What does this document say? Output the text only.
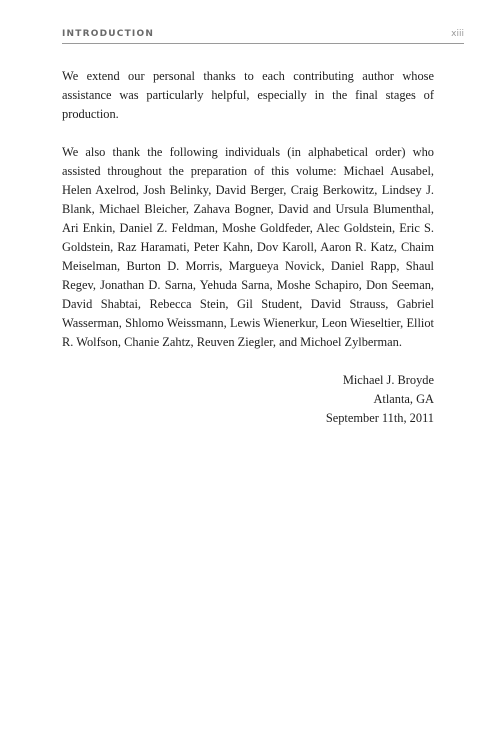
INTRODUCTION	xiii

We extend our personal thanks to each contributing author whose assistance was particularly helpful, especially in the final stages of production.

We also thank the following individuals (in alphabetical order) who assisted throughout the preparation of this volume: Michael Ausabel, Helen Axelrod, Josh Belinky, David Berger, Craig Berkowitz, Lindsey J. Blank, Michael Bleicher, Zahava Bogner, David and Ursula Blumenthal, Ari Enkin, Daniel Z. Feldman, Moshe Goldfeder, Alec Goldstein, Eric S. Goldstein, Raz Haramati, Peter Kahn, Dov Karoll, Aaron R. Katz, Chaim Meiselman, Burton D. Morris, Margueya Novick, Daniel Rapp, Shaul Regev, Jonathan D. Sarna, Yehuda Sarna, Moshe Schapiro, Don Seeman, David Shabtai, Rebecca Stein, Gil Student, David Strauss, Gabriel Wasserman, Shlomo Weissmann, Lewis Wienerkur, Leon Wieseltier, Elliot R. Wolfson, Chanie Zahtz, Reuven Ziegler, and Michoel Zylberman.

Michael J. Broyde
Atlanta, GA
September 11th, 2011
